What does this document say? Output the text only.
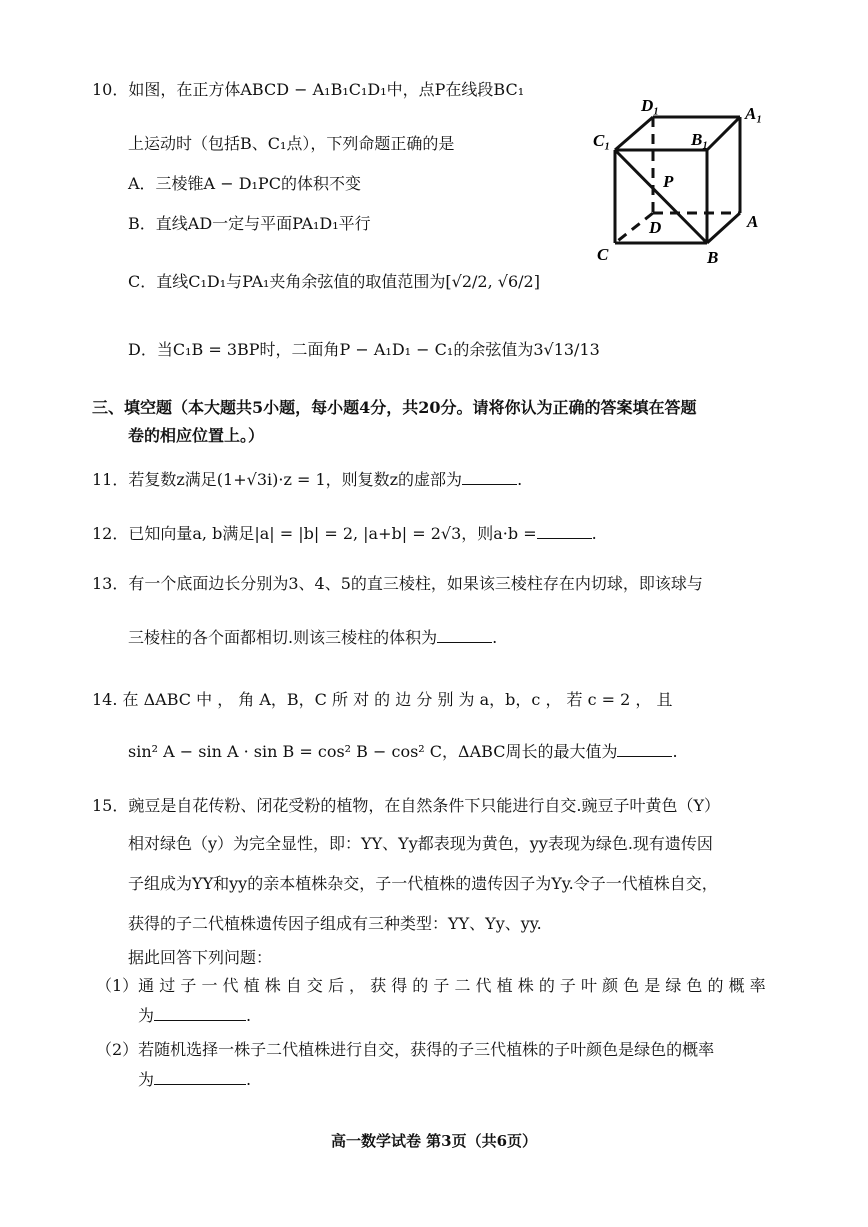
10．如图，在正方体ABCD − A₁B₁C₁D₁中，点P在线段BC₁
上运动时（包括B、C₁点），下列命题正确的是
A．三棱锥A − D₁PC的体积不变
B．直线AD一定与平面PA₁D₁平行
C．直线C₁D₁与PA₁夹角余弦值的取值范围为[√2/2, √6/2]
D．当C₁B = 3BP时，二面角P − A₁D₁ − C₁的余弦值为3√13/13
D₁	A₁
C₁	B₁
P
D	A
C	B
三、填空题（本大题共5小题，每小题4分，共20分。请将你认为正确的答案填在答题
卷的相应位置上。）
11．若复数z满足(1+√3i)·z = 1，则复数z的虚部为	.
12．已知向量a, b满足|a| = |b| = 2, |a+b| = 2√3，则a·b =	.
13．有一个底面边长分别为3、4、5的直三棱柱，如果该三棱柱存在内切球，即该球与
三棱柱的各个面都相切.则该三棱柱的体积为	.
14. 在 ΔABC 中 ， 角 A，B，C 所 对 的 边 分 别 为 a，b，c ， 若 c = 2 ， 且
sin² A − sin A · sin B = cos² B − cos² C，ΔABC周长的最大值为	.
15．豌豆是自花传粉、闭花受粉的植物，在自然条件下只能进行自交.豌豆子叶黄色（Y）
相对绿色（y）为完全显性，即：YY、Yy都表现为黄色，yy表现为绿色.现有遗传因
子组成为YY和yy的亲本植株杂交，子一代植株的遗传因子为Yy.令子一代植株自交，
获得的子二代植株遗传因子组成有三种类型：YY、Yy、yy.
据此回答下列问题：
（1）通 过 子 一 代 植 株 自 交 后 ， 获 得 的 子 二 代 植 株 的 子 叶 颜 色 是 绿 色 的 概 率
为	.
（2）若随机选择一株子二代植株进行自交，获得的子三代植株的子叶颜色是绿色的概率
为	.
高一数学试卷 第3页（共6页）
